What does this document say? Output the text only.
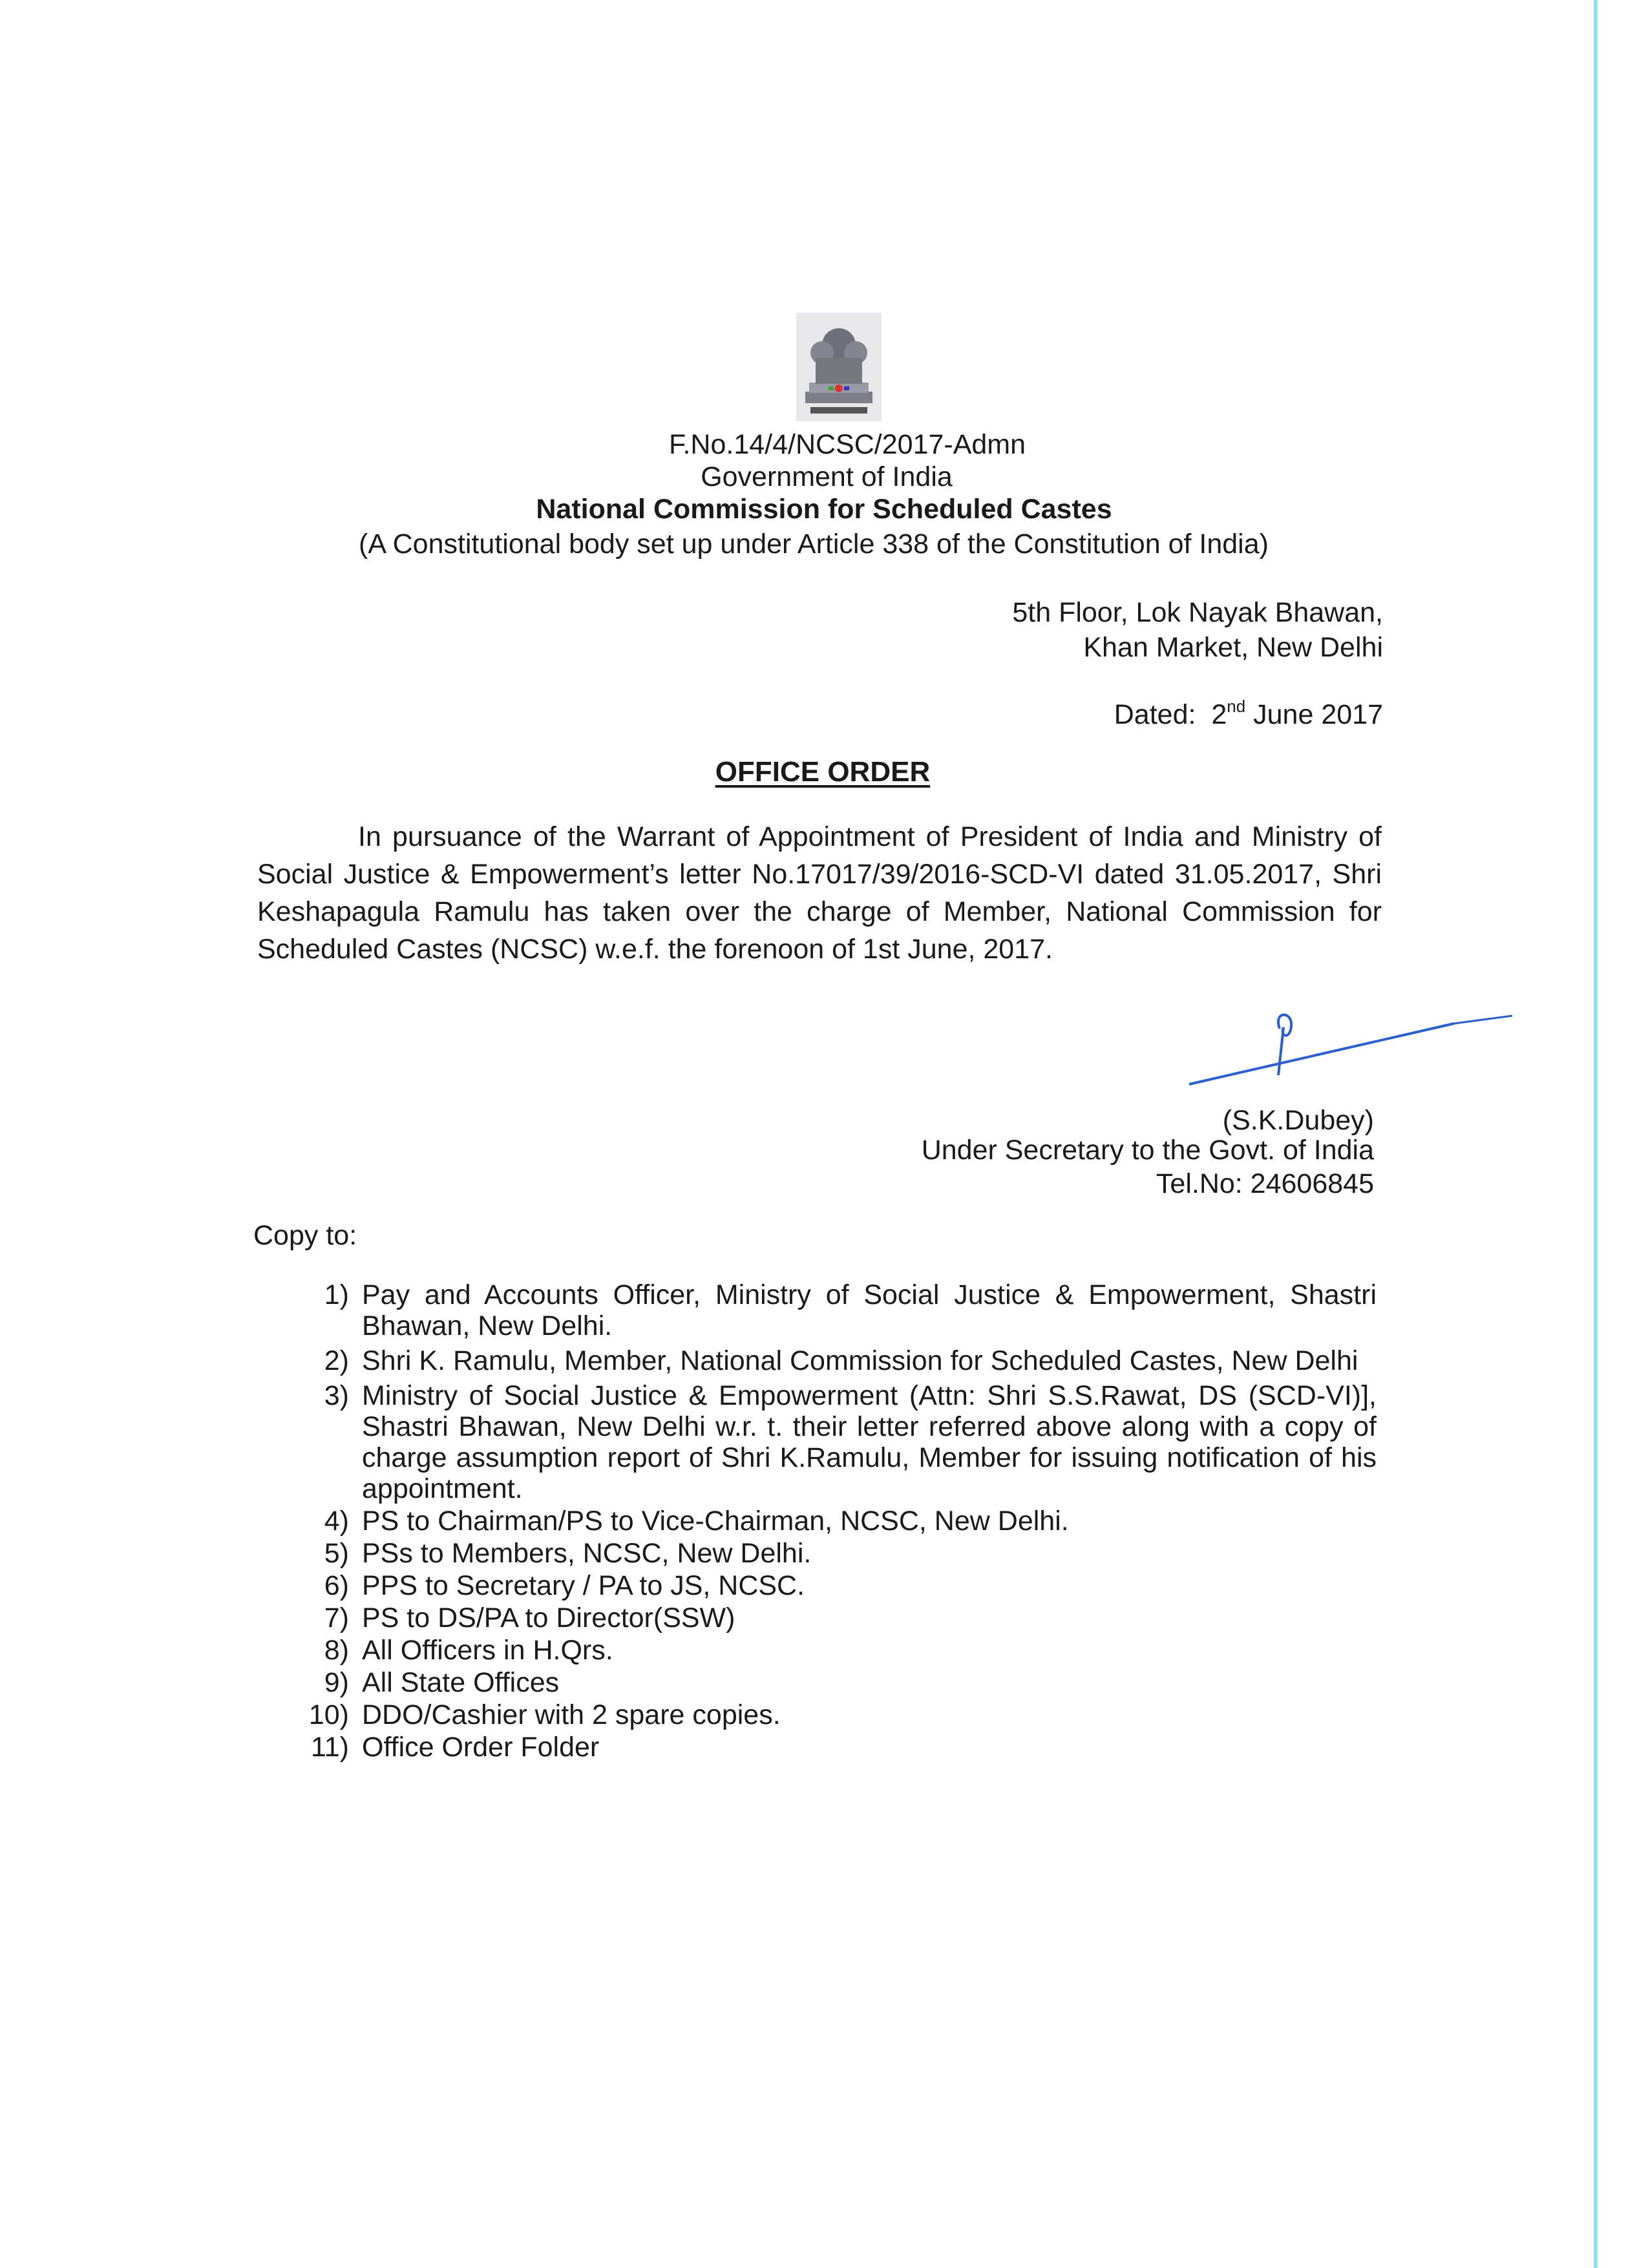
F.No.14/4/NCSC/2017-Admn
Government of India
National Commission for Scheduled Castes
(A Constitutional body set up under Article 338 of the Constitution of India)
5th Floor, Lok Nayak Bhawan,
Khan Market, New Delhi
Dated: 2nd June 2017
OFFICE ORDER
In pursuance of the Warrant of Appointment of President of India and Ministry of Social Justice & Empowerment’s letter No.17017/39/2016-SCD-VI dated 31.05.2017, Shri Keshapagula Ramulu has taken over the charge of Member, National Commission for Scheduled Castes (NCSC) w.e.f. the forenoon of 1st June, 2017.
(S.K.Dubey)
Under Secretary to the Govt. of India
Tel.No: 24606845
Copy to:
1) Pay and Accounts Officer, Ministry of Social Justice & Empowerment, Shastri Bhawan, New Delhi.
2) Shri K. Ramulu, Member, National Commission for Scheduled Castes, New Delhi
3) Ministry of Social Justice & Empowerment (Attn: Shri S.S.Rawat, DS (SCD-VI)], Shastri Bhawan, New Delhi w.r. t. their letter referred above along with a copy of charge assumption report of Shri K.Ramulu, Member for issuing notification of his appointment.
4) PS to Chairman/PS to Vice-Chairman, NCSC, New Delhi.
5) PSs to Members, NCSC, New Delhi.
6) PPS to Secretary / PA to JS, NCSC.
7) PS to DS/PA to Director(SSW)
8) All Officers in H.Qrs.
9) All State Offices
10) DDO/Cashier with 2 spare copies.
11) Office Order Folder
